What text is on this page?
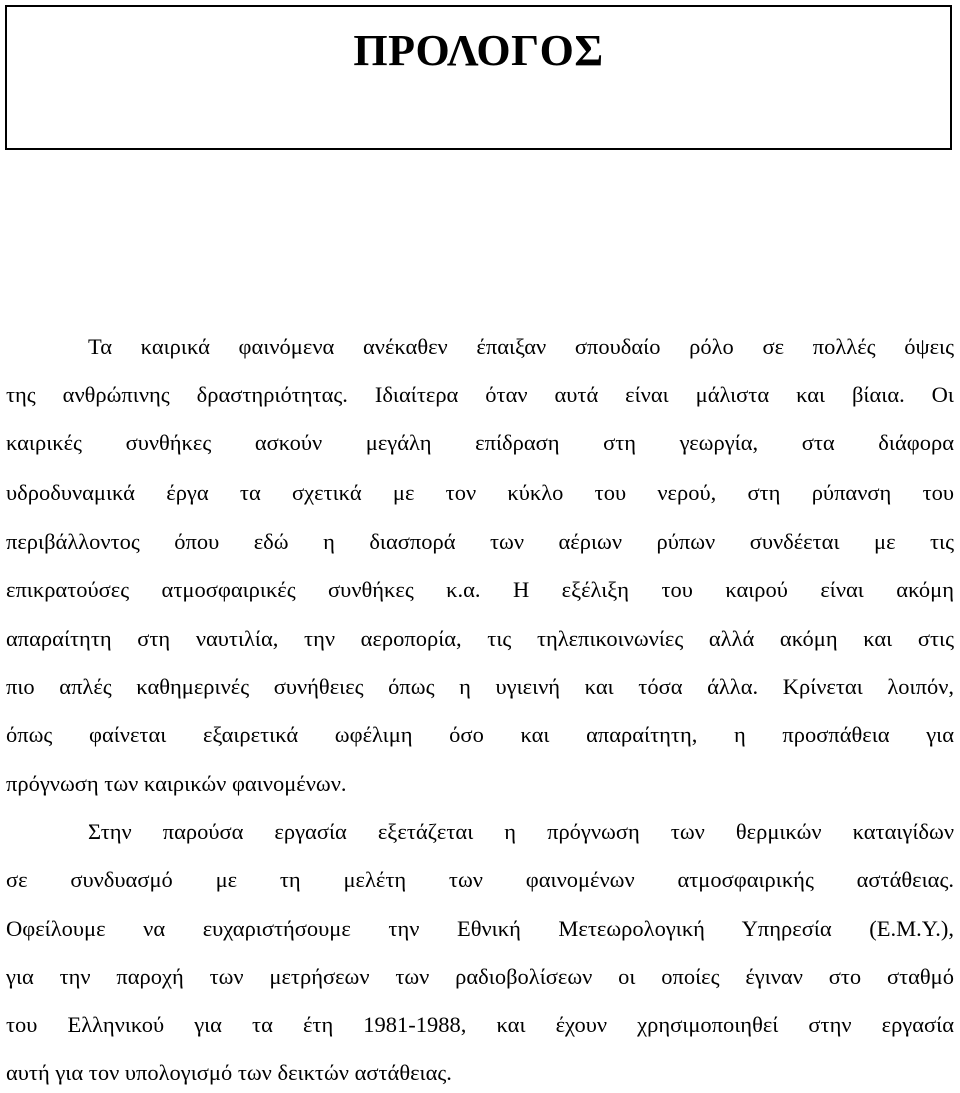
ΠΡΟΛΟΓΟΣ
Τα καιρικά φαινόμενα ανέκαθεν έπαιξαν σπουδαίο ρόλο σε πολλές όψεις
της ανθρώπινης δραστηριότητας. Ιδιαίτερα όταν αυτά είναι μάλιστα και βίαια. Οι
καιρικές συνθήκες ασκούν μεγάλη επίδραση στη γεωργία, στα διάφορα
υδροδυναμικά έργα τα σχετικά με τον κύκλο του νερού, στη ρύπανση του
περιβάλλοντος όπου εδώ η διασπορά των αέριων ρύπων συνδέεται με τις
επικρατούσες ατμοσφαιρικές συνθήκες κ.α. Η εξέλιξη του καιρού είναι ακόμη
απαραίτητη στη ναυτιλία, την αεροπορία, τις τηλεπικοινωνίες αλλά ακόμη και στις
πιο απλές καθημερινές συνήθειες όπως η υγιεινή και τόσα άλλα. Κρίνεται λοιπόν,
όπως φαίνεται εξαιρετικά ωφέλιμη όσο και απαραίτητη, η προσπάθεια για
πρόγνωση των καιρικών φαινομένων.
Στην παρούσα εργασία εξετάζεται η πρόγνωση των θερμικών καταιγίδων
σε συνδυασμό με τη μελέτη των φαινομένων ατμοσφαιρικής αστάθειας.
Οφείλουμε να ευχαριστήσουμε την Εθνική Μετεωρολογική Υπηρεσία (Ε.Μ.Υ.),
για την παροχή των μετρήσεων των ραδιοβολίσεων οι οποίες έγιναν στο σταθμό
του Ελληνικού για τα έτη 1981-1988, και έχουν χρησιμοποιηθεί στην εργασία
αυτή για τον υπολογισμό των δεικτών αστάθειας.
